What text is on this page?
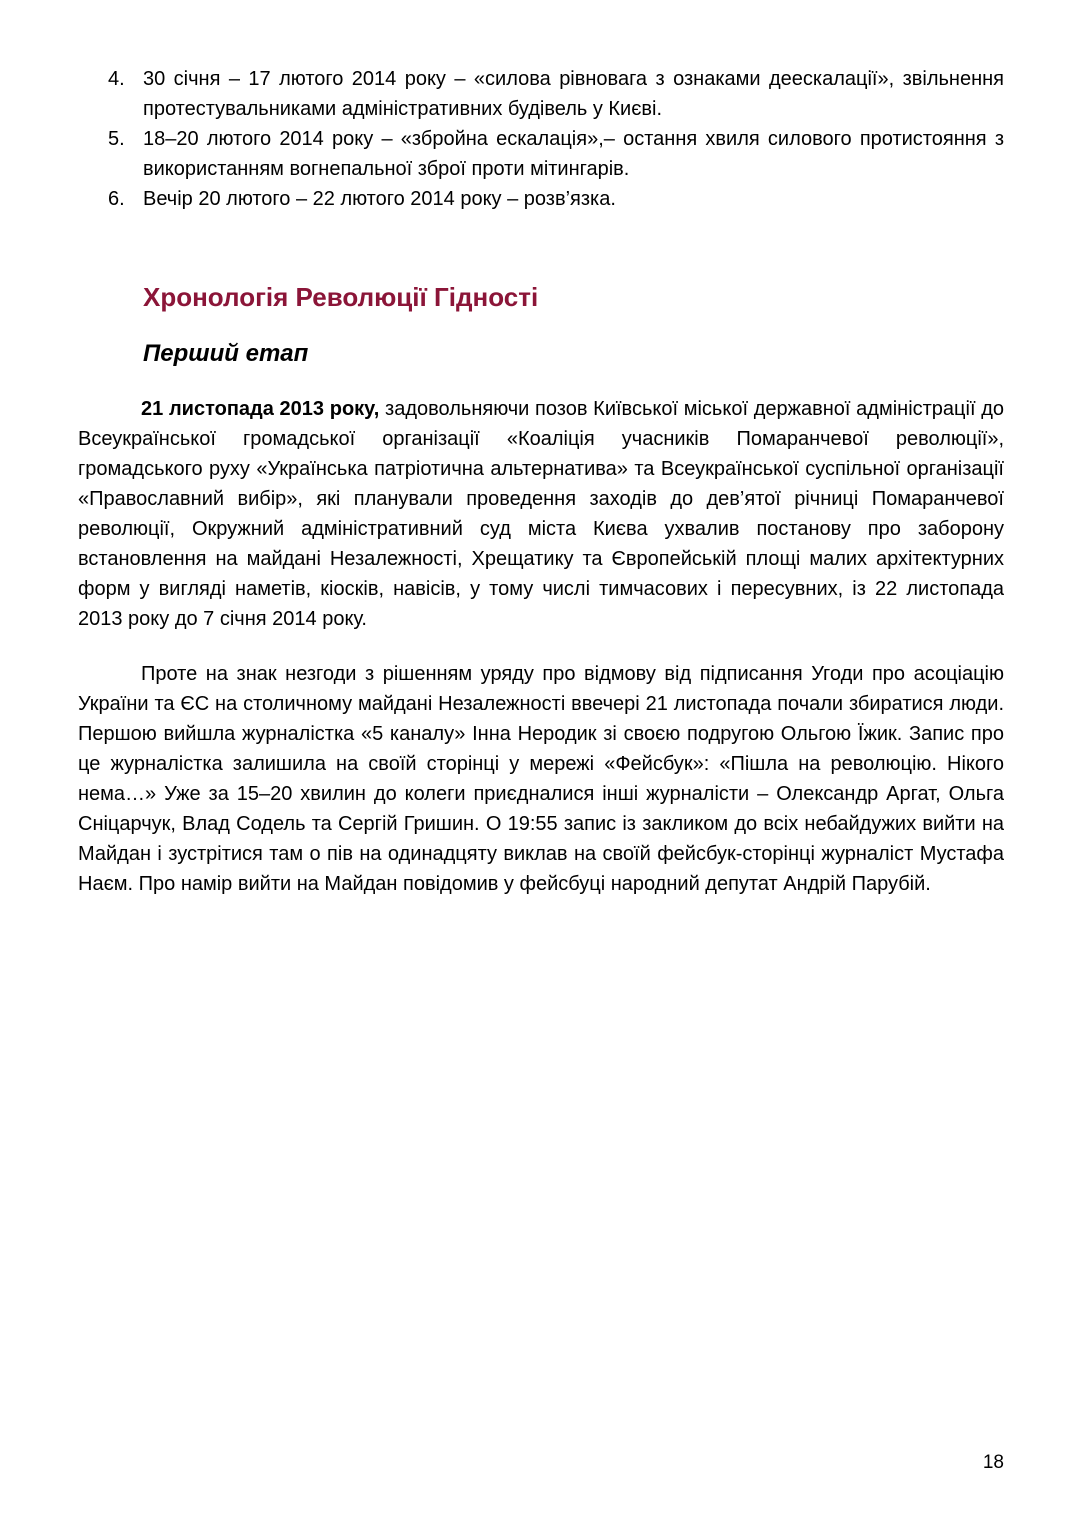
4. 30 січня – 17 лютого 2014 року – «силова рівновага з ознаками деескалації», звільнення протестувальниками адміністративних будівель у Києві.
5. 18–20 лютого 2014 року – «збройна ескалація»,– остання хвиля силового протистояння з використанням вогнепальної зброї проти мітингарів.
6. Вечір 20 лютого – 22 лютого 2014 року – розв’язка.
Хронологія Революції Гідності
Перший етап

21 листопада 2013 року, задовольняючи позов Київської міської державної адміністрації до Всеукраїнської громадської організації «Коаліція учасників Помаранчевої революції», громадського руху «Українська патріотична альтернатива» та Всеукраїнської суспільної організації «Православний вибір», які планували проведення заходів до дев’ятої річниці Помаранчевої революції, Окружний адміністративний суд міста Києва ухвалив постанову про заборону встановлення на майдані Незалежності, Хрещатику та Європейській площі малих архітектурних форм у вигляді наметів, кіосків, навісів, у тому числі тимчасових і пересувних, із 22 листопада 2013 року до 7 січня 2014 року.

Проте на знак незгоди з рішенням уряду про відмову від підписання Угоди про асоціацію України та ЄС на столичному майдані Незалежності ввечері 21 листопада почали збиратися люди. Першою вийшла журналістка «5 каналу» Інна Неродик зі своєю подругою Ольгою Їжик. Запис про це журналістка залишила на своїй сторінці у мережі «Фейсбук»: «Пішла на революцію. Нікого нема…» Уже за 15–20 хвилин до колеги приєдналися інші журналісти – Олександр Аргат, Ольга Сніцарчук, Влад Содель та Сергій Гришин. О 19:55 запис із закликом до всіх небайдужих вийти на Майдан і зустрітися там о пів на одинадцяту виклав на своїй фейсбук-сторінці журналіст Мустафа Наєм. Про намір вийти на Майдан повідомив у фейсбуці народний депутат Андрій Парубій.

18
